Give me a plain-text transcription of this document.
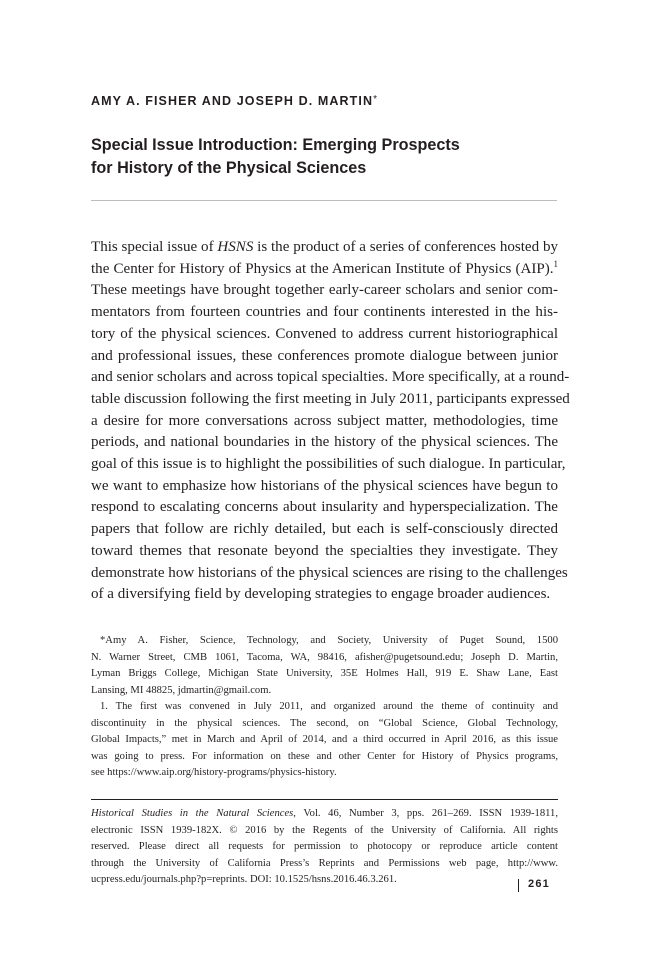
AMY A. FISHER AND JOSEPH D. MARTIN*
Special Issue Introduction: Emerging Prospects
for History of the Physical Sciences
This special issue of HSNS is the product of a series of conferences hosted by
the Center for History of Physics at the American Institute of Physics (AIP).$^1$
These meetings have brought together early-career scholars and senior com-
mentators from fourteen countries and four continents interested in the his-
tory of the physical sciences. Convened to address current historiographical
and professional issues, these conferences promote dialogue between junior
and senior scholars and across topical specialties. More specifically, at a round-
table discussion following the first meeting in July 2011, participants expressed
a desire for more conversations across subject matter, methodologies, time
periods, and national boundaries in the history of the physical sciences. The
goal of this issue is to highlight the possibilities of such dialogue. In particular,
we want to emphasize how historians of the physical sciences have begun to
respond to escalating concerns about insularity and hyperspecialization. The
papers that follow are richly detailed, but each is self-consciously directed
toward themes that resonate beyond the specialties they investigate. They
demonstrate how historians of the physical sciences are rising to the challenges
of a diversifying field by developing strategies to engage broader audiences.
*Amy A. Fisher, Science, Technology, and Society, University of Puget Sound, 1500
N. Warner Street, CMB 1061, Tacoma, WA, 98416, afisher@pugetsound.edu; Joseph D. Martin,
Lyman Briggs College, Michigan State University, 35E Holmes Hall, 919 E. Shaw Lane, East
Lansing, MI 48825, jdmartin@gmail.com.
1. The first was convened in July 2011, and organized around the theme of continuity and
discontinuity in the physical sciences. The second, on “Global Science, Global Technology,
Global Impacts,” met in March and April of 2014, and a third occurred in April 2016, as this issue
was going to press. For information on these and other Center for History of Physics programs,
see https://www.aip.org/history-programs/physics-history.
Historical Studies in the Natural Sciences, Vol. 46, Number 3, pps. 261–269. ISSN 1939-1811,
electronic ISSN 1939-182X. © 2016 by the Regents of the University of California. All rights
reserved. Please direct all requests for permission to photocopy or reproduce article content
through the University of California Press’s Reprints and Permissions web page, http://www.
ucpress.edu/journals.php?p=reprints. DOI: 10.1525/hsns.2016.46.3.261.	261
